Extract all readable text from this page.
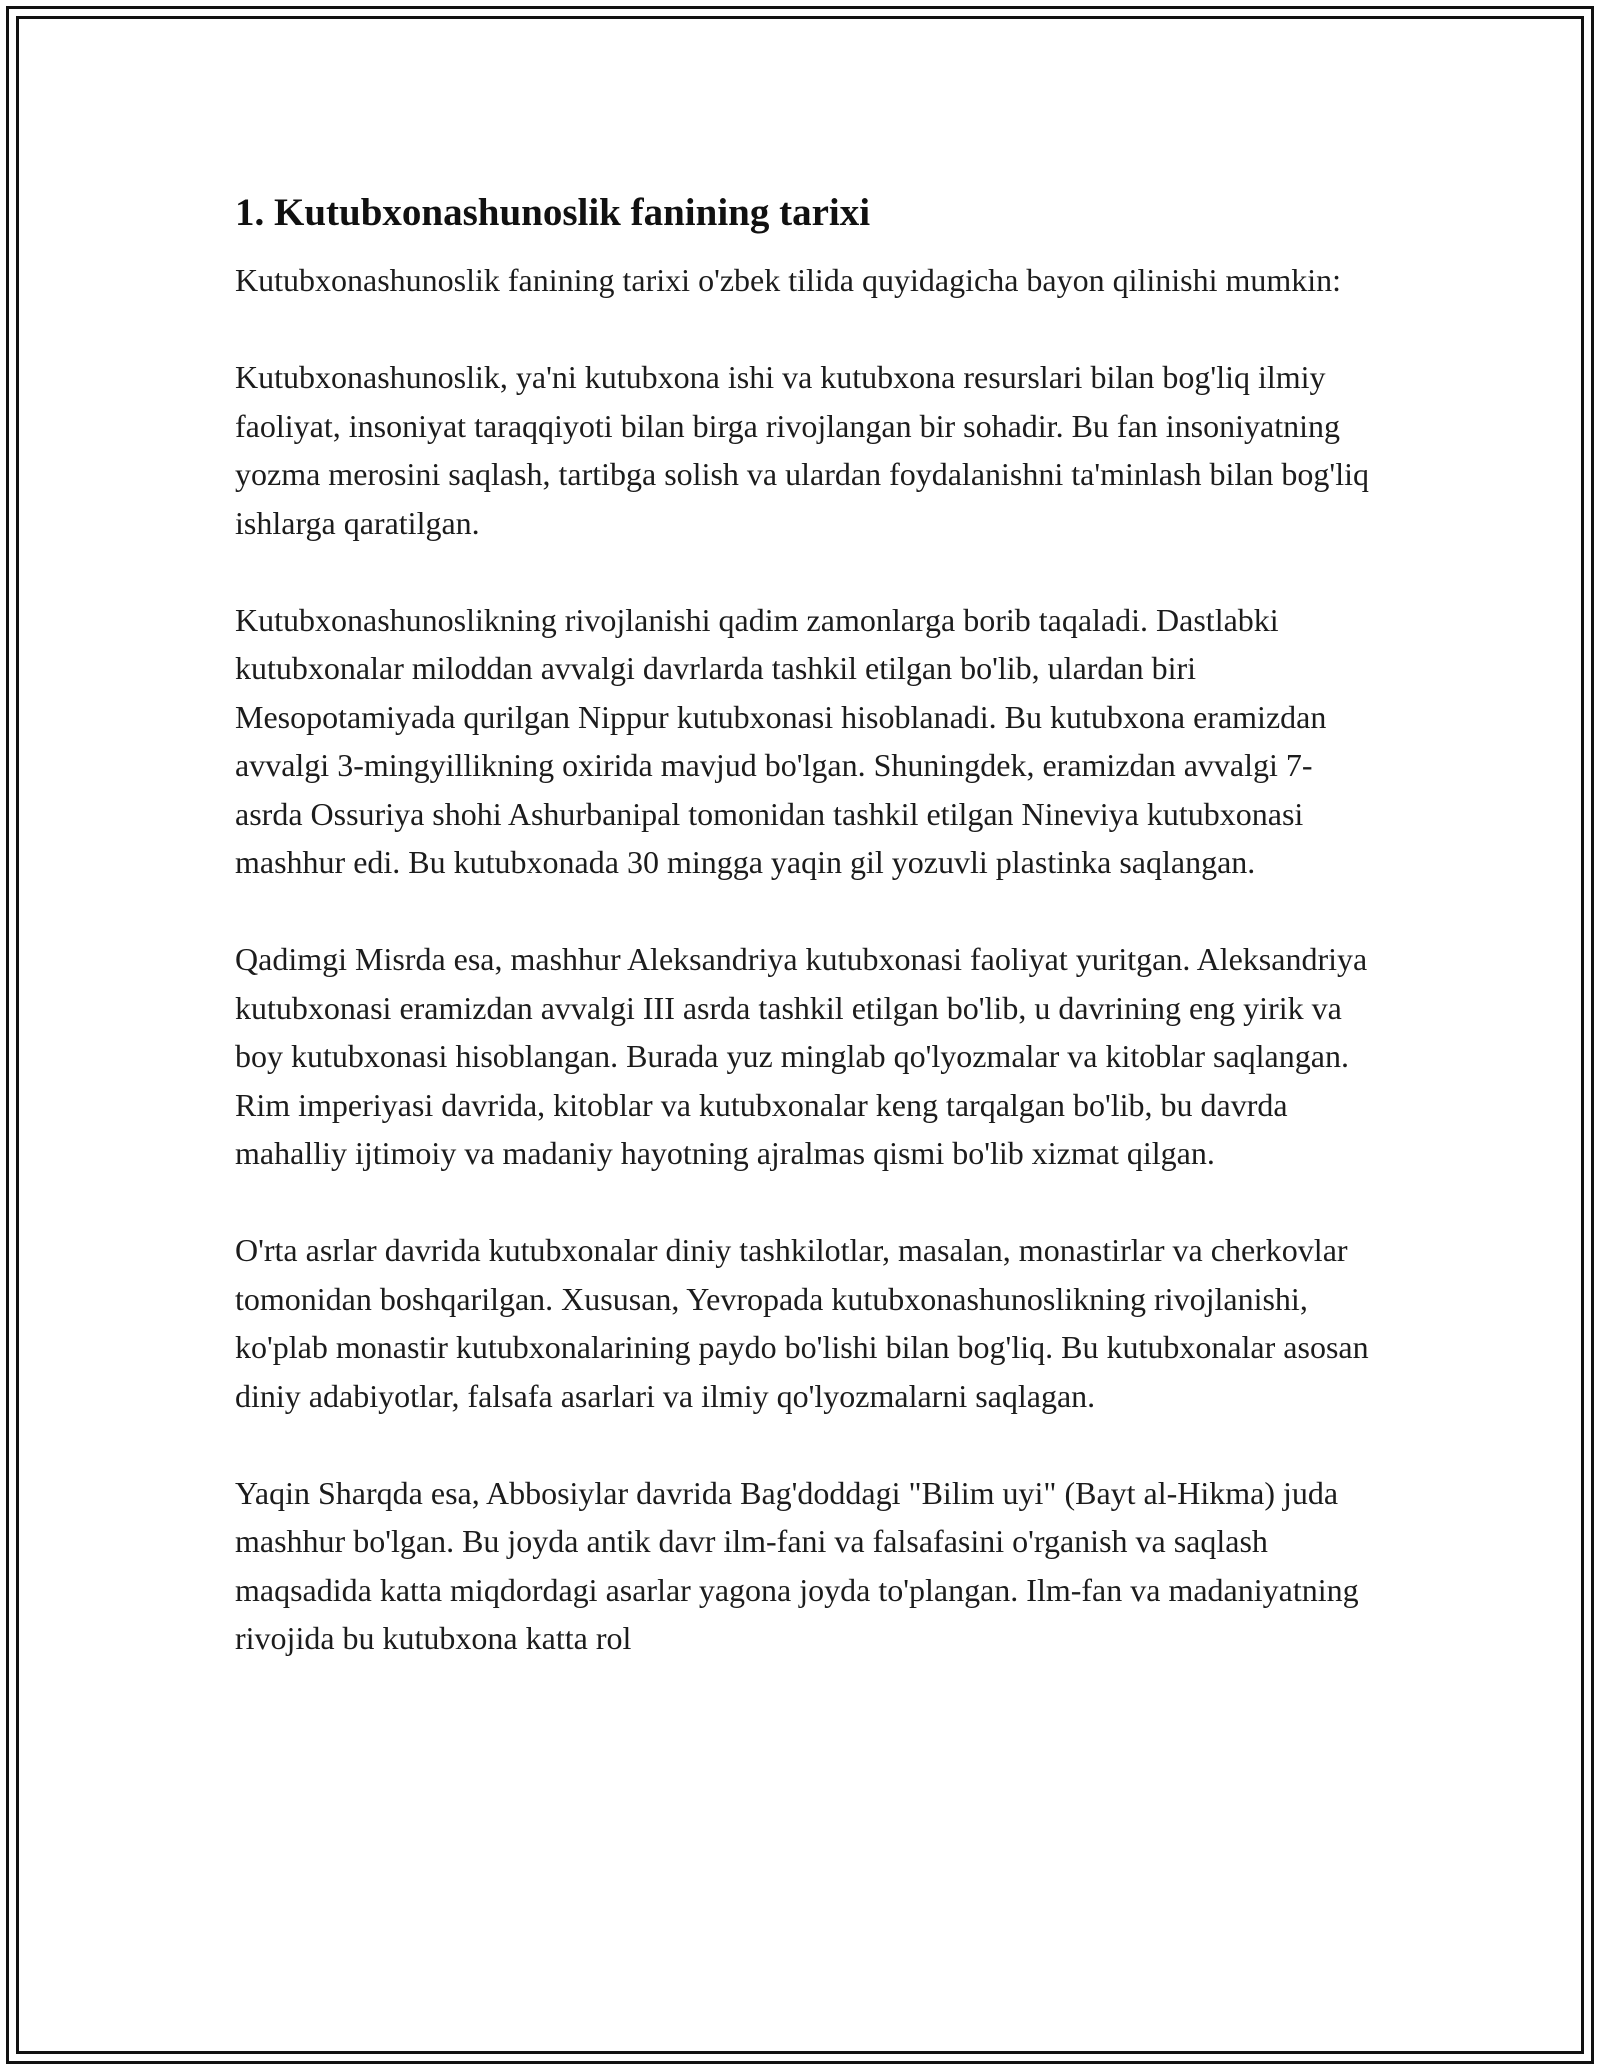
1. Kutubxonashunoslik fanining tarixi

Kutubxonashunoslik fanining tarixi o'zbek tilida quyidagicha bayon qilinishi mumkin:

Kutubxonashunoslik, ya'ni kutubxona ishi va kutubxona resurslari bilan bog'liq ilmiy faoliyat, insoniyat taraqqiyoti bilan birga rivojlangan bir sohadir. Bu fan insoniyatning yozma merosini saqlash, tartibga solish va ulardan foydalanishni ta'minlash bilan bog'liq ishlarga qaratilgan.

Kutubxonashunoslikning rivojlanishi qadim zamonlarga borib taqaladi. Dastlabki kutubxonalar miloddan avvalgi davrlarda tashkil etilgan bo'lib, ulardan biri Mesopotamiyada qurilgan Nippur kutubxonasi hisoblanadi. Bu kutubxona eramizdan avvalgi 3-mingyillikning oxirida mavjud bo'lgan. Shuningdek, eramizdan avvalgi 7-asrda Ossuriya shohi Ashurbanipal tomonidan tashkil etilgan Nineviya kutubxonasi mashhur edi. Bu kutubxonada 30 mingga yaqin gil yozuvli plastinka saqlangan.

Qadimgi Misrda esa, mashhur Aleksandriya kutubxonasi faoliyat yuritgan. Aleksandriya kutubxonasi eramizdan avvalgi III asrda tashkil etilgan bo'lib, u davrining eng yirik va boy kutubxonasi hisoblangan. Burada yuz minglab qo'lyozmalar va kitoblar saqlangan. Rim imperiyasi davrida, kitoblar va kutubxonalar keng tarqalgan bo'lib, bu davrda mahalliy ijtimoiy va madaniy hayotning ajralmas qismi bo'lib xizmat qilgan.

O'rta asrlar davrida kutubxonalar diniy tashkilotlar, masalan, monastirlar va cherkovlar tomonidan boshqarilgan. Xususan, Yevropada kutubxonashunoslikning rivojlanishi, ko'plab monastir kutubxonalarining paydo bo'lishi bilan bog'liq. Bu kutubxonalar asosan diniy adabiyotlar, falsafa asarlari va ilmiy qo'lyozmalarni saqlagan.

Yaqin Sharqda esa, Abbosiylar davrida Bag'doddagi "Bilim uyi" (Bayt al-Hikma) juda mashhur bo'lgan. Bu joyda antik davr ilm-fani va falsafasini o'rganish va saqlash maqsadida katta miqdordagi asarlar yagona joyda to'plangan. Ilm-fan va madaniyatning rivojida bu kutubxona katta rol
